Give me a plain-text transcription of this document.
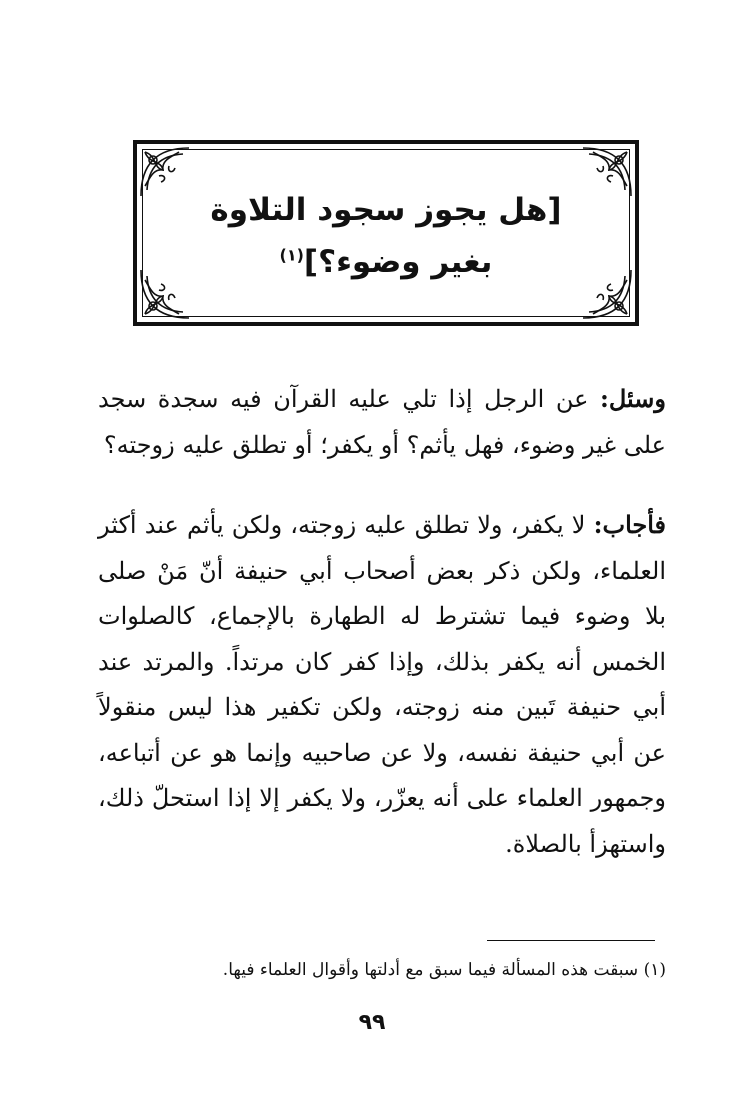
[هل يجوز سجود التلاوة
بغير وضوء؟]$^{(١)}$

وسئل: عن الرجل إذا تلي عليه القرآن فيه سجدة سجد على غير وضوء، فهل يأثم؟ أو يكفر؛ أو تطلق عليه زوجته؟

فأجاب: لا يكفر، ولا تطلق عليه زوجته، ولكن يأثم عند أكثر العلماء، ولكن ذكر بعض أصحاب أبي حنيفة أنّ مَنْ صلى بلا وضوء فيما تشترط له الطهارة بالإجماع، كالصلوات الخمس أنه يكفر بذلك، وإذا كفر كان مرتداً. والمرتد عند أبي حنيفة تَبين منه زوجته، ولكن تكفير هذا ليس منقولاً عن أبي حنيفة نفسه، ولا عن صاحبيه وإنما هو عن أتباعه، وجمهور العلماء على أنه يعزّر، ولا يكفر إلا إذا استحلّ ذلك، واستهزأ بالصلاة.

(١) سبقت هذه المسألة فيما سبق مع أدلتها وأقوال العلماء فيها.
٩٩
